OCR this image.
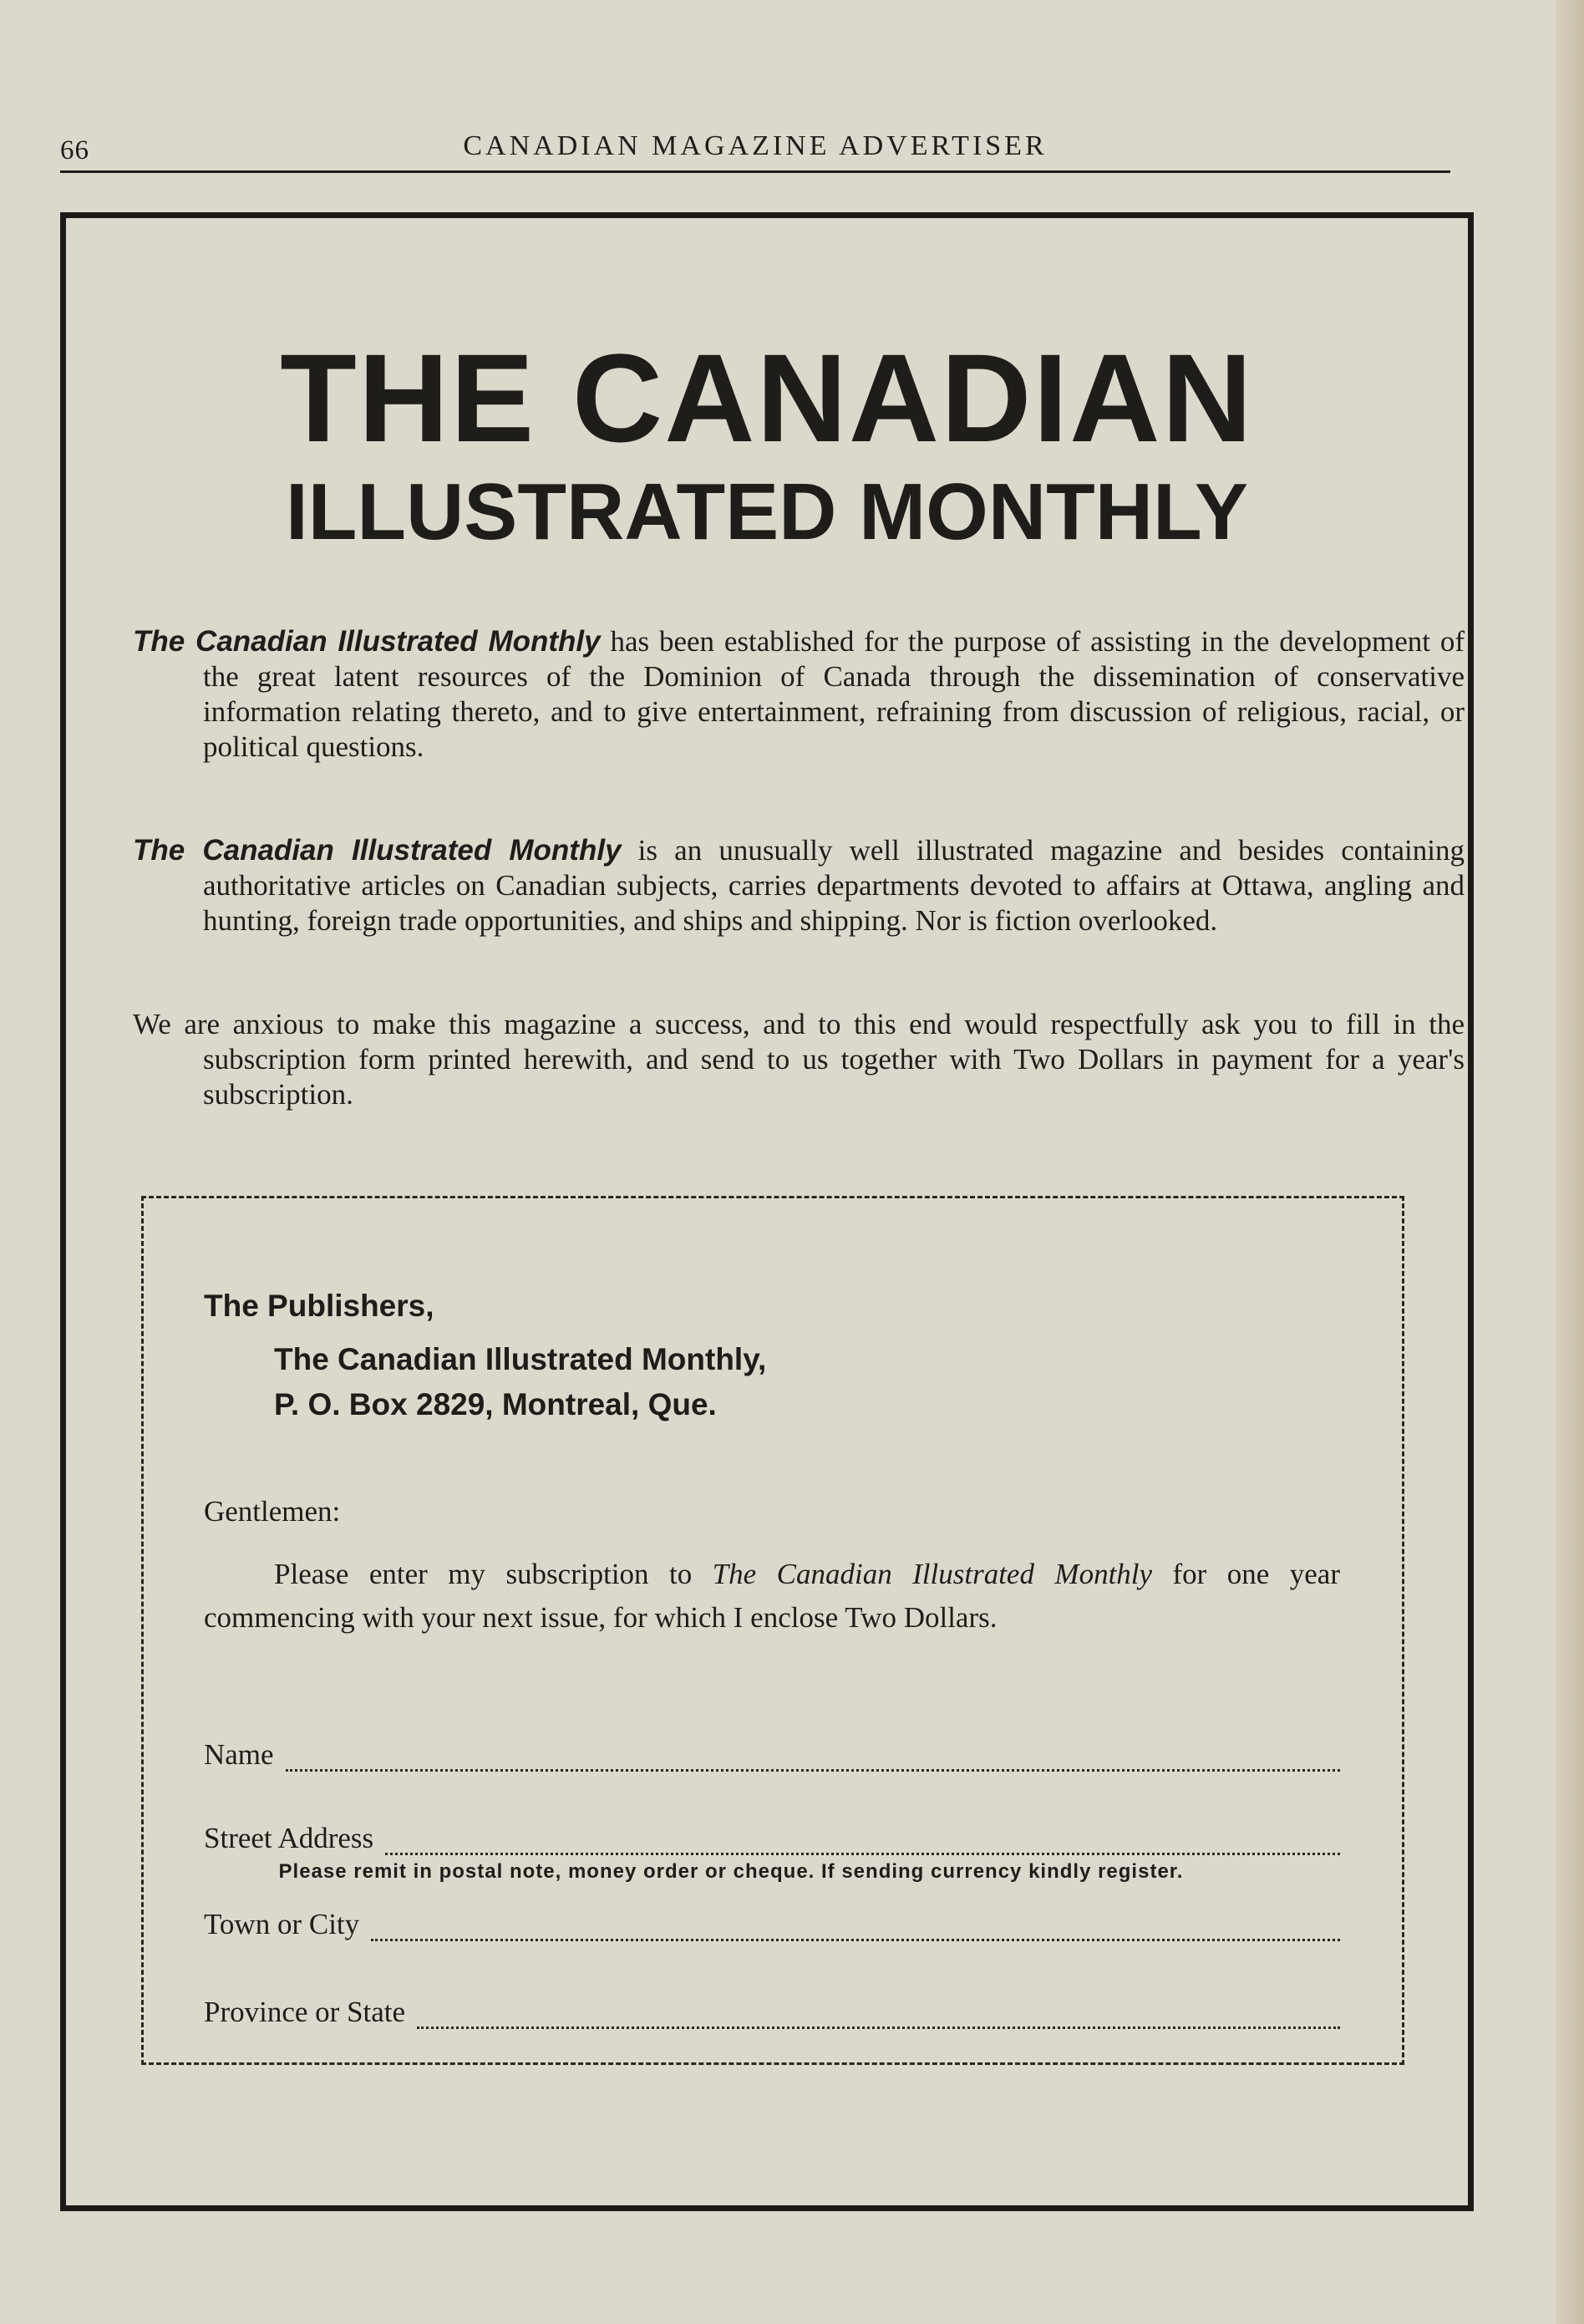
66	CANADIAN MAGAZINE ADVERTISER
THE CANADIAN
ILLUSTRATED MONTHLY

The Canadian Illustrated Monthly has been established for the purpose of assisting in the development of the great latent resources of the Dominion of Canada through the dissemination of conservative information relating thereto, and to give entertainment, refraining from discussion of religious, racial, or political questions.

The Canadian Illustrated Monthly is an unusually well illustrated magazine and besides containing authoritative articles on Canadian subjects, carries departments devoted to affairs at Ottawa, angling and hunting, foreign trade opportunities, and ships and shipping. Nor is fiction overlooked.

We are anxious to make this magazine a success, and to this end would respectfully ask you to fill in the subscription form printed herewith, and send to us together with Two Dollars in payment for a year's subscription.

The Publishers,
The Canadian Illustrated Monthly,
P. O. Box 2829, Montreal, Que.
Gentlemen:

Please enter my subscription to The Canadian Illustrated Monthly for one year commencing with your next issue, for which I enclose Two Dollars.

Name
Street Address
Town or City
Province or State
Please remit in postal note, money order or cheque. If sending currency kindly register.
